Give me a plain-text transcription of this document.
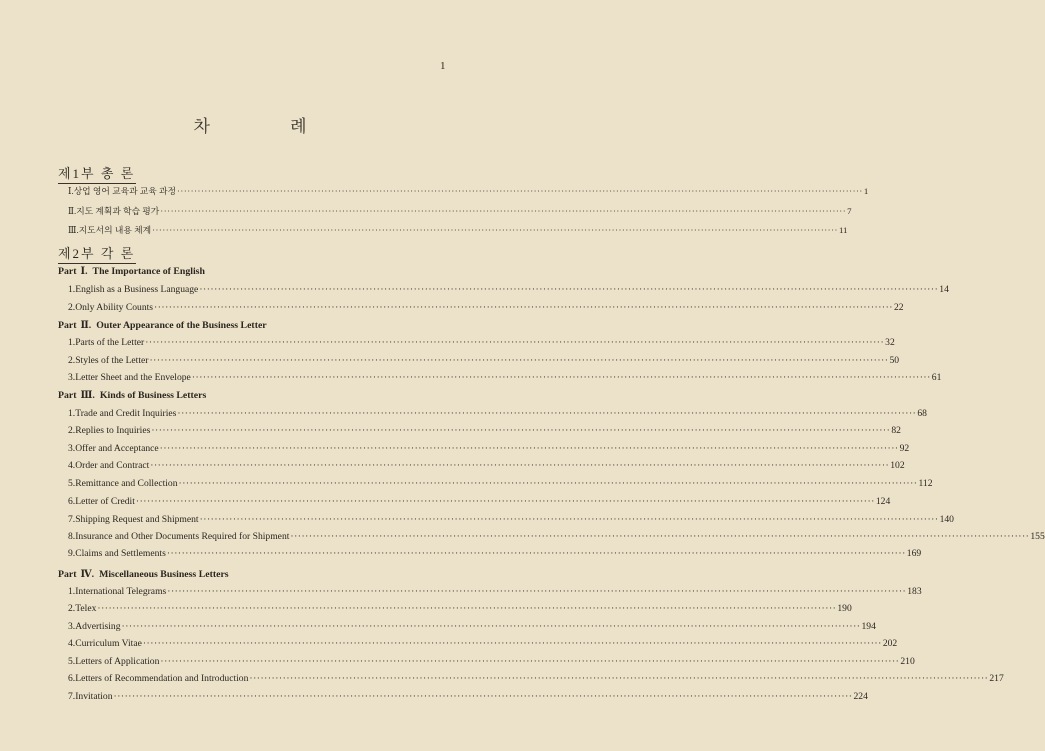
1
차 례
제1부 총 론
Ⅰ. 상업 영어 교육과 교육 과정 ········································································································································································································ 1
Ⅱ. 지도 계획과 학습 평가 ········································································································································································································ 7
Ⅲ. 지도서의 내용 체계 ········································································································································································································ 11
제2부 각 론
Part Ⅰ. The Importance of English
1. English as a Business Language ········································································································································································································ 14
2. Only Ability Counts ········································································································································································································ 22
Part Ⅱ. Outer Appearance of the Business Letter
1. Parts of the Letter ········································································································································································································ 32
2. Styles of the Letter ········································································································································································································ 50
3. Letter Sheet and the Envelope ········································································································································································································ 61
Part Ⅲ. Kinds of Business Letters
1. Trade and Credit Inquiries ········································································································································································································ 68
2. Replies to Inquiries ········································································································································································································ 82
3. Offer and Acceptance ········································································································································································································ 92
4. Order and Contract ········································································································································································································ 102
5. Remittance and Collection ········································································································································································································ 112
6. Letter of Credit ········································································································································································································ 124
7. Shipping Request and Shipment ········································································································································································································ 140
8. Insurance and Other Documents Required for Shipment ········································································································································································································ 155
9. Claims and Settlements ········································································································································································································ 169
Part Ⅳ. Miscellaneous Business Letters
1. International Telegrams ········································································································································································································ 183
2. Telex ········································································································································································································ 190
3. Advertising ········································································································································································································ 194
4. Curriculum Vitae ········································································································································································································ 202
5. Letters of Application ········································································································································································································ 210
6. Letters of Recommendation and Introduction ········································································································································································································ 217
7. Invitation ········································································································································································································ 224
